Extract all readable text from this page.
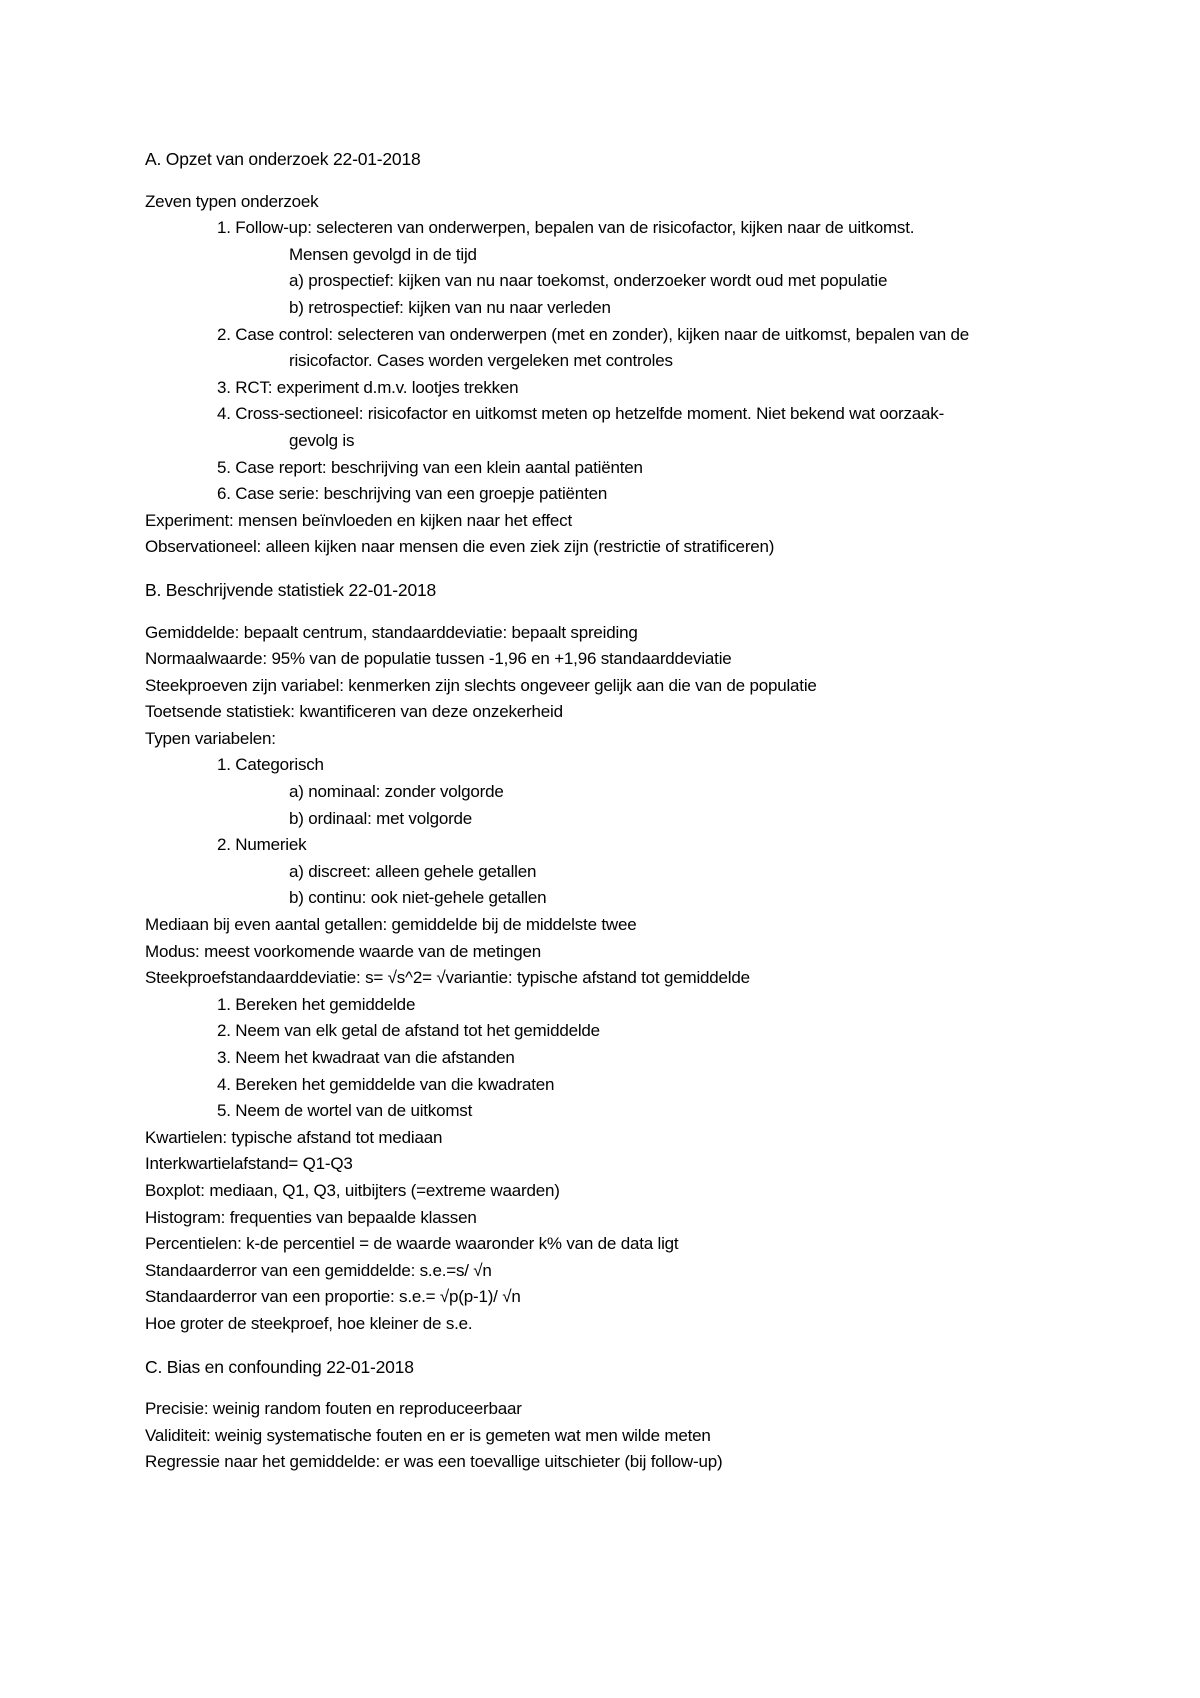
A. Opzet van onderzoek 22-01-2018
Zeven typen onderzoek
1. Follow-up: selecteren van onderwerpen, bepalen van de risicofactor, kijken naar de uitkomst.
Mensen gevolgd in de tijd
a) prospectief: kijken van nu naar toekomst, onderzoeker wordt oud met populatie
b) retrospectief: kijken van nu naar verleden
2. Case control: selecteren van onderwerpen (met en zonder), kijken naar de uitkomst, bepalen van de
risicofactor. Cases worden vergeleken met controles
3. RCT: experiment d.m.v. lootjes trekken
4. Cross-sectioneel: risicofactor en uitkomst meten op hetzelfde moment. Niet bekend wat oorzaak-
gevolg is
5. Case report: beschrijving van een klein aantal patiënten
6. Case serie: beschrijving van een groepje patiënten
Experiment: mensen beïnvloeden en kijken naar het effect
Observationeel: alleen kijken naar mensen die even ziek zijn (restrictie of stratificeren)
B. Beschrijvende statistiek 22-01-2018
Gemiddelde: bepaalt centrum, standaarddeviatie: bepaalt spreiding
Normaalwaarde: 95% van de populatie tussen -1,96 en +1,96 standaarddeviatie
Steekproeven zijn variabel: kenmerken zijn slechts ongeveer gelijk aan die van de populatie
Toetsende statistiek: kwantificeren van deze onzekerheid
Typen variabelen:
1. Categorisch
a) nominaal: zonder volgorde
b) ordinaal: met volgorde
2. Numeriek
a) discreet: alleen gehele getallen
b) continu: ook niet-gehele getallen
Mediaan bij even aantal getallen: gemiddelde bij de middelste twee
Modus: meest voorkomende waarde van de metingen
Steekproefstandaarddeviatie: s= √s^2= √variantie: typische afstand tot gemiddelde
1. Bereken het gemiddelde
2. Neem van elk getal de afstand tot het gemiddelde
3. Neem het kwadraat van die afstanden
4. Bereken het gemiddelde van die kwadraten
5. Neem de wortel van de uitkomst
Kwartielen: typische afstand tot mediaan
Interkwartielafstand= Q1-Q3
Boxplot: mediaan, Q1, Q3, uitbijters (=extreme waarden)
Histogram: frequenties van bepaalde klassen
Percentielen: k-de percentiel = de waarde waaronder k% van de data ligt
Standaarderror van een gemiddelde: s.e.=s/ √n
Standaarderror van een proportie: s.e.= √p(p-1)/ √n
Hoe groter de steekproef, hoe kleiner de s.e.
C. Bias en confounding 22-01-2018
Precisie: weinig random fouten en reproduceerbaar
Validiteit: weinig systematische fouten en er is gemeten wat men wilde meten
Regressie naar het gemiddelde: er was een toevallige uitschieter (bij follow-up)
